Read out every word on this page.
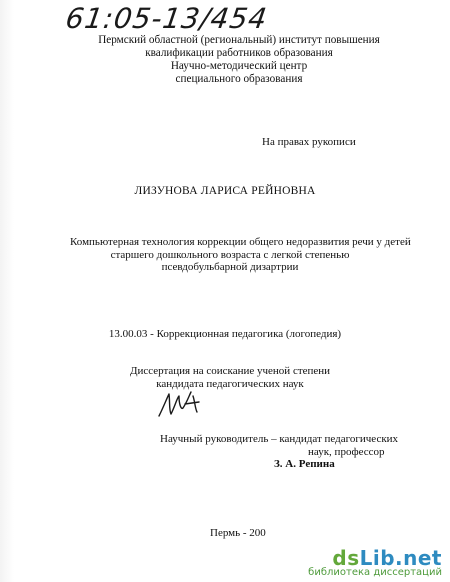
61:05-13/454
Пермский областной (региональный) институт повышения
квалификации работников образования
Научно-методический центр
специального образования
На правах рукописи
ЛИЗУНОВА ЛАРИСА РЕЙНОВНА
Компьютерная технология коррекции общего недоразвития речи у детей
старшего дошкольного возраста с легкой степенью
псевдобульбарной дизартрии
13.00.03 - Коррекционная педагогика (логопедия)
Диссертация на соискание ученой степени
кандидата педагогических наук
Научный руководитель – кандидат педагогических
наук, профессор
З. А. Репина
Пермь - 200
dsLib.net
библиотека диссертаций
